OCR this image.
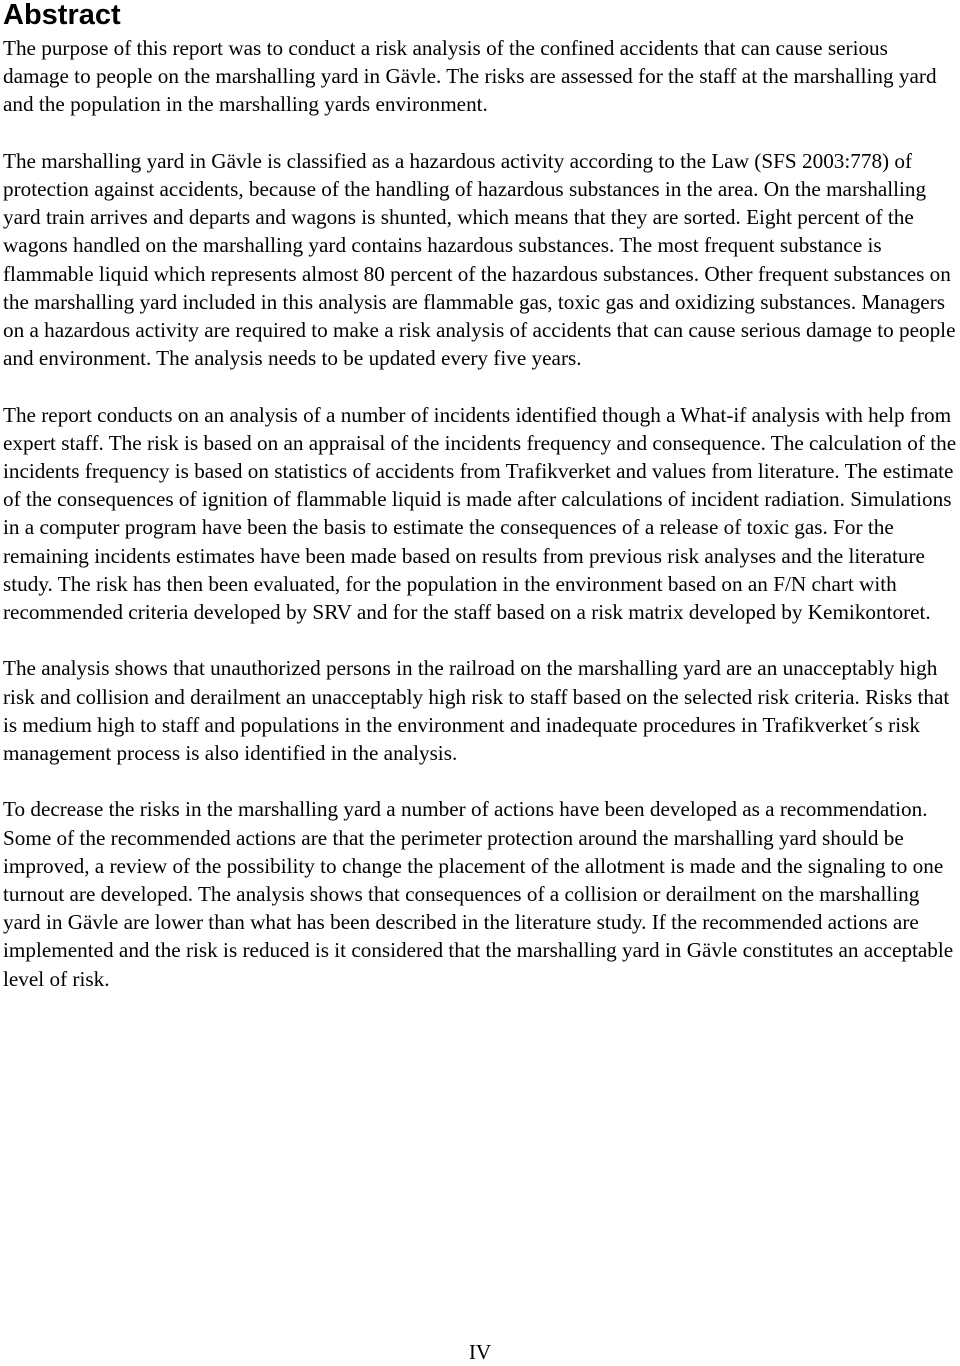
Abstract

The purpose of this report was to conduct a risk analysis of the confined accidents that can cause serious damage to people on the marshalling yard in Gävle. The risks are assessed for the staff at the marshalling yard and the population in the marshalling yards environment.

The marshalling yard in Gävle is classified as a hazardous activity according to the Law (SFS 2003:778) of protection against accidents, because of the handling of hazardous substances in the area. On the marshalling yard train arrives and departs and wagons is shunted, which means that they are sorted. Eight percent of the wagons handled on the marshalling yard contains hazardous substances. The most frequent substance is flammable liquid which represents almost 80 percent of the hazardous substances. Other frequent substances on the marshalling yard included in this analysis are flammable gas, toxic gas and oxidizing substances. Managers on a hazardous activity are required to make a risk analysis of accidents that can cause serious damage to people and environment. The analysis needs to be updated every five years.

The report conducts on an analysis of a number of incidents identified though a What-if analysis with help from expert staff. The risk is based on an appraisal of the incidents frequency and consequence. The calculation of the incidents frequency is based on statistics of accidents from Trafikverket and values from literature. The estimate of the consequences of ignition of flammable liquid is made after calculations of incident radiation. Simulations in a computer program have been the basis to estimate the consequences of a release of toxic gas. For the remaining incidents estimates have been made based on results from previous risk analyses and the literature study. The risk has then been evaluated, for the population in the environment based on an F/N chart with recommended criteria developed by SRV and for the staff based on a risk matrix developed by Kemikontoret.

The analysis shows that unauthorized persons in the railroad on the marshalling yard are an unacceptably high risk and collision and derailment an unacceptably high risk to staff based on the selected risk criteria. Risks that is medium high to staff and populations in the environment and inadequate procedures in Trafikverket´s risk management process is also identified in the analysis.

To decrease the risks in the marshalling yard a number of actions have been developed as a recommendation. Some of the recommended actions are that the perimeter protection around the marshalling yard should be improved, a review of the possibility to change the placement of the allotment is made and the signaling to one turnout are developed. The analysis shows that consequences of a collision or derailment on the marshalling yard in Gävle are lower than what has been described in the literature study. If the recommended actions are implemented and the risk is reduced is it considered that the marshalling yard in Gävle constitutes an acceptable level of risk.

IV
